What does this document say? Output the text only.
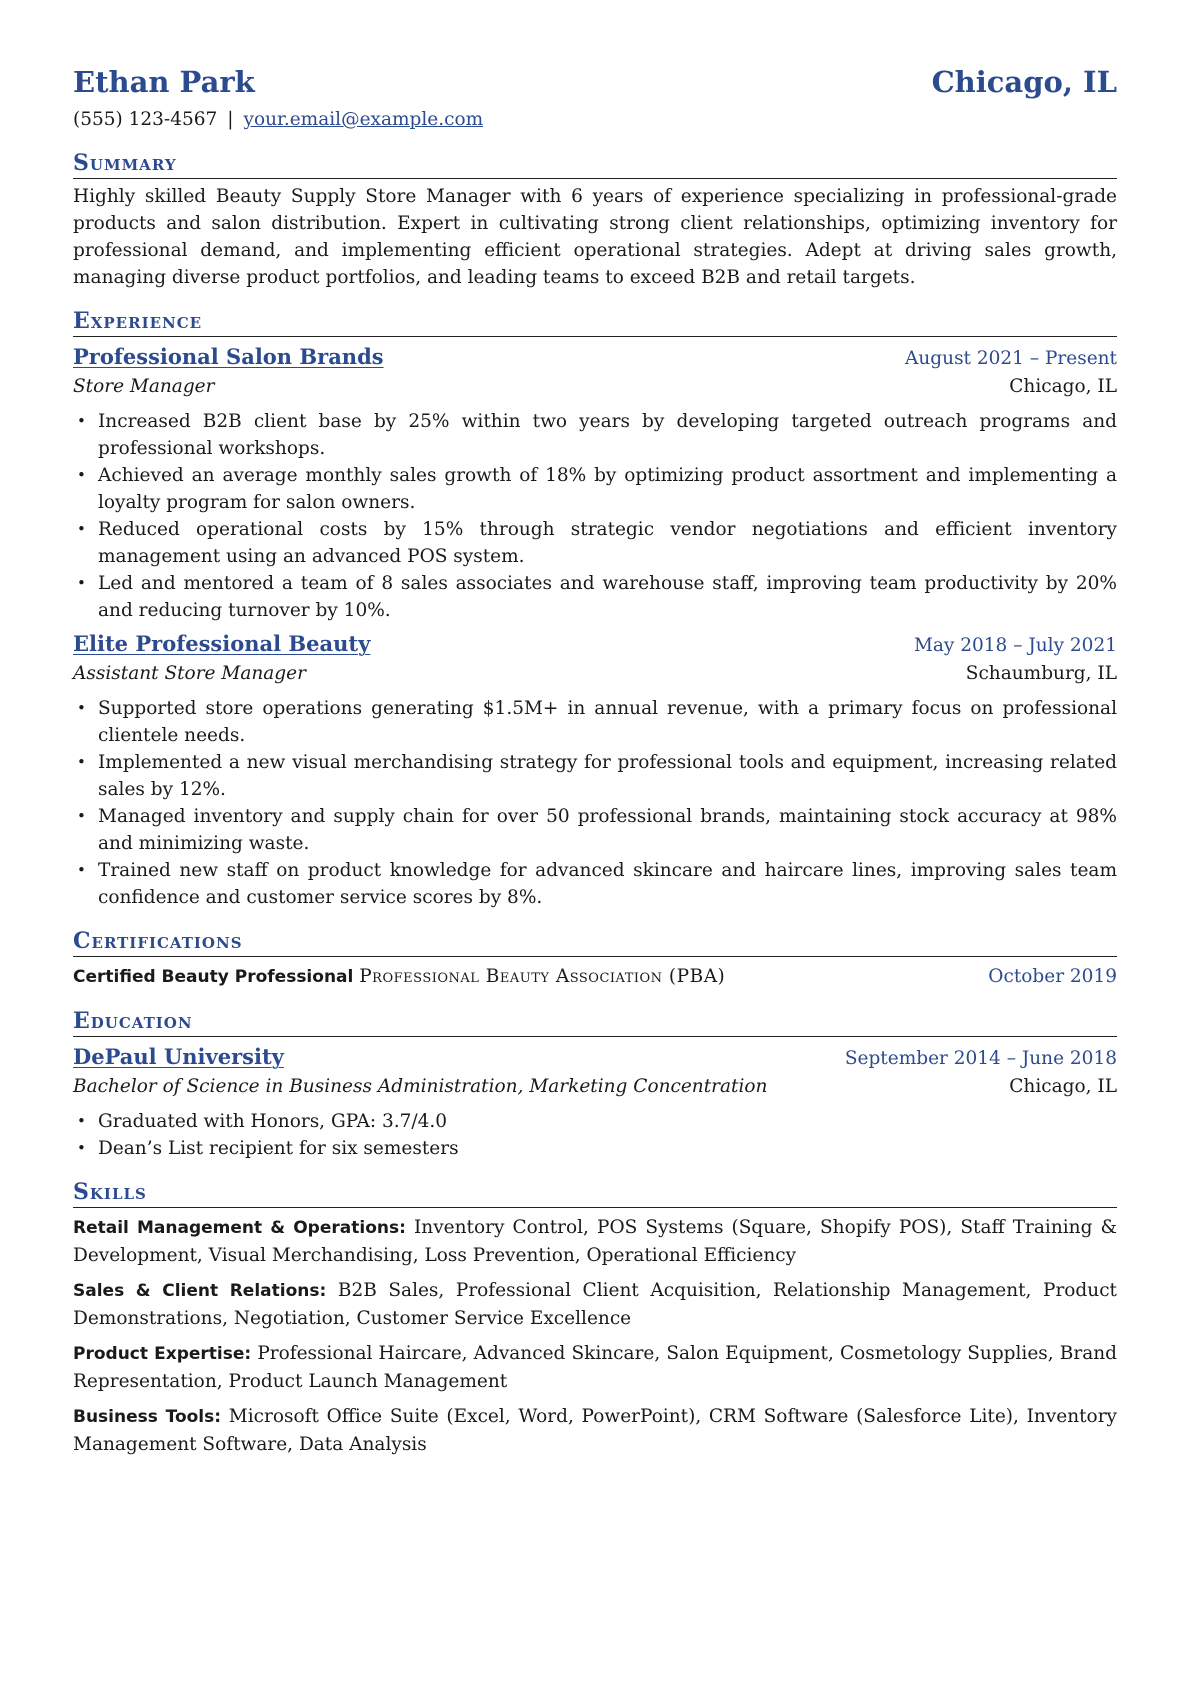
Ethan Park	Chicago, IL
(555) 123-4567 | your.email@example.com
Summary
Highly skilled Beauty Supply Store Manager with 6 years of experience specializing in professional-grade products and salon distribution. Expert in cultivating strong client relationships, optimizing inventory for professional demand, and implementing efficient operational strategies. Adept at driving sales growth, managing diverse product portfolios, and leading teams to exceed B2B and retail targets.
Experience
Professional Salon Brands	August 2021 – Present
Store Manager	Chicago, IL
• Increased B2B client base by 25% within two years by developing targeted outreach programs and professional workshops.
• Achieved an average monthly sales growth of 18% by optimizing product assortment and implementing a loyalty program for salon owners.
• Reduced operational costs by 15% through strategic vendor negotiations and efficient inventory management using an advanced POS system.
• Led and mentored a team of 8 sales associates and warehouse staff, improving team productivity by 20% and reducing turnover by 10%.
Elite Professional Beauty	May 2018 – July 2021
Assistant Store Manager	Schaumburg, IL
• Supported store operations generating $1.5M+ in annual revenue, with a primary focus on professional clientele needs.
• Implemented a new visual merchandising strategy for professional tools and equipment, increasing related sales by 12%.
• Managed inventory and supply chain for over 50 professional brands, maintaining stock accuracy at 98% and minimizing waste.
• Trained new staff on product knowledge for advanced skincare and haircare lines, improving sales team confidence and customer service scores by 8%.
Certifications
Certified Beauty Professional Professional Beauty Association (PBA)	October 2019
Education
DePaul University	September 2014 – June 2018
Bachelor of Science in Business Administration, Marketing Concentration	Chicago, IL
• Graduated with Honors, GPA: 3.7/4.0
• Dean’s List recipient for six semesters
Skills
Retail Management & Operations: Inventory Control, POS Systems (Square, Shopify POS), Staff Training & Development, Visual Merchandising, Loss Prevention, Operational Efficiency
Sales & Client Relations: B2B Sales, Professional Client Acquisition, Relationship Management, Product Demonstrations, Negotiation, Customer Service Excellence
Product Expertise: Professional Haircare, Advanced Skincare, Salon Equipment, Cosmetology Supplies, Brand Representation, Product Launch Management
Business Tools: Microsoft Office Suite (Excel, Word, PowerPoint), CRM Software (Salesforce Lite), Inventory Management Software, Data Analysis
